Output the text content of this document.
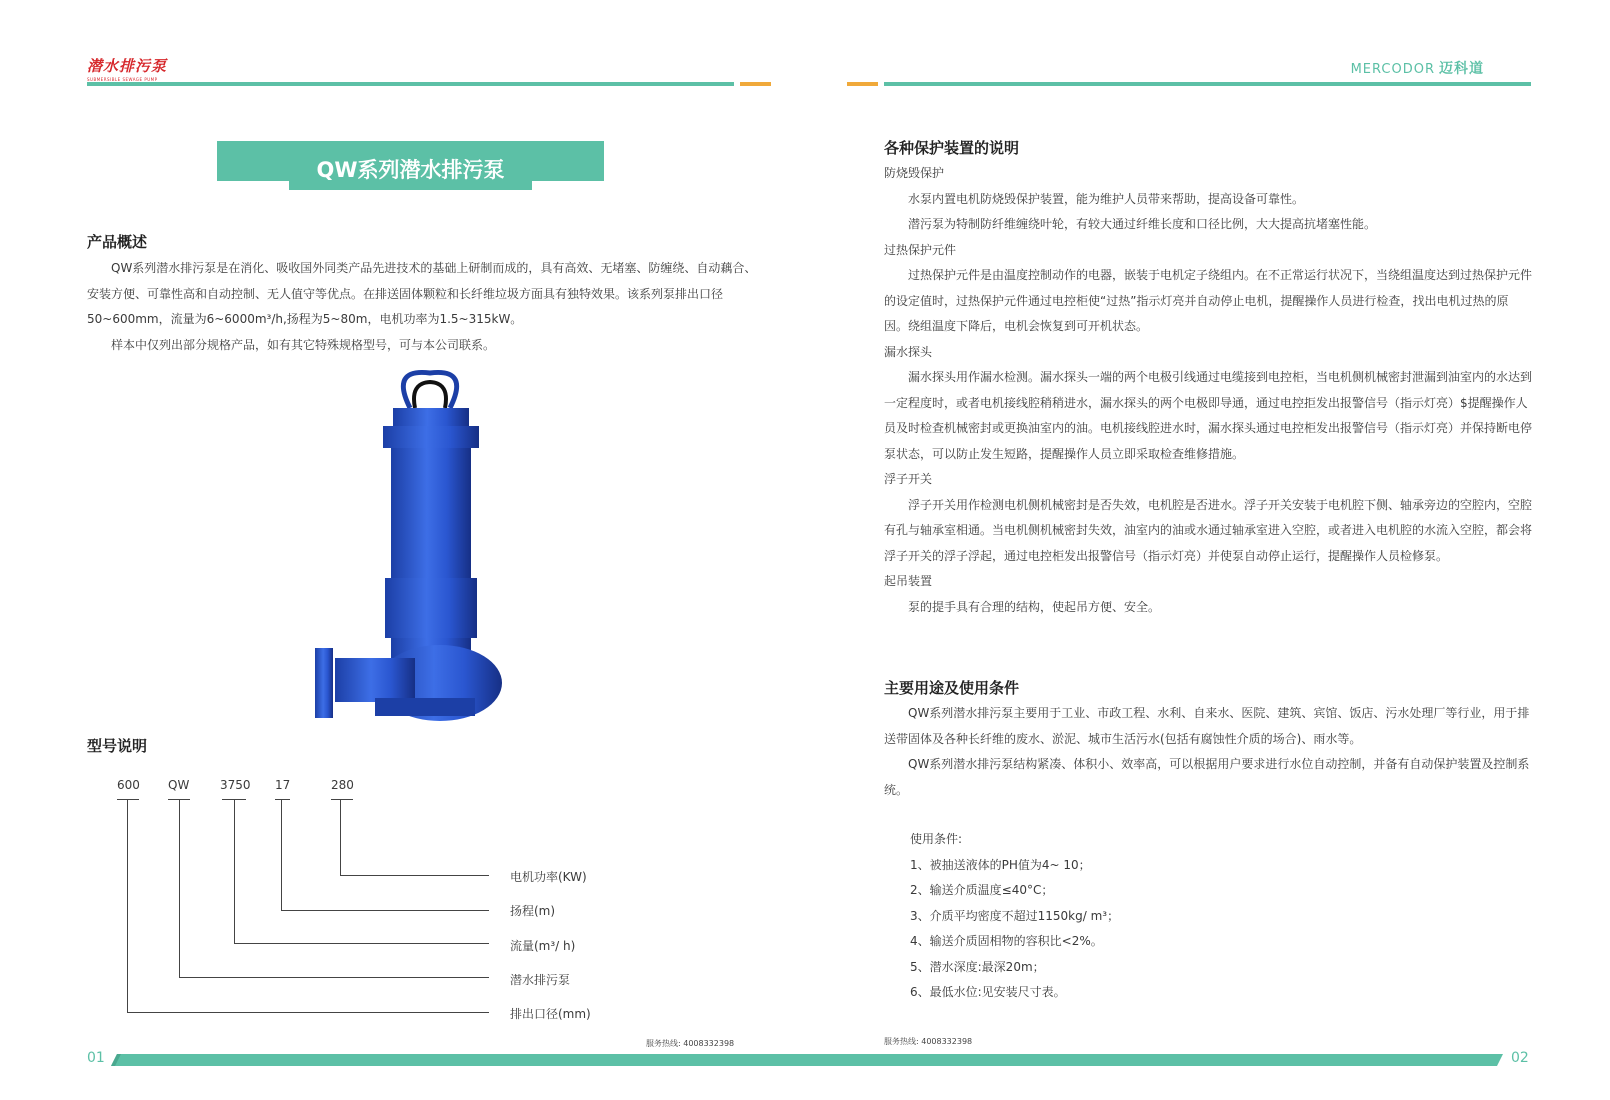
潜水排污泵
SUBMERSIBLE SEWAGE PUMP
MERCODOR 迈科道
QW系列潜水排污泵
产品概述

QW系列潜水排污泵是在消化、吸收国外同类产品先进技术的基础上研制而成的，具有高效、无堵塞、防缠绕、自动藕合、安装方便、可靠性高和自动控制、无人值守等优点。在排送固体颗粒和长纤维垃圾方面具有独特效果。该系列泵排出口径50~600mm，流量为6~6000m³/h,扬程为5~80m，电机功率为1.5~315kW。

样本中仅列出部分规格产品，如有其它特殊规格型号，可与本公司联系。

型号说明
600 QW	3750 17	280
电机功率(KW)
扬程(m)
流量(m³/ h)
潜水排污泵
排出口径(mm)
各种保护装置的说明

防烧毁保护

水泵内置电机防烧毁保护装置，能为维护人员带来帮助，提高设备可靠性。

潜污泵为特制防纤维缠绕叶轮，有较大通过纤维长度和口径比例，大大提高抗堵塞性能。

过热保护元件

过热保护元件是由温度控制动作的电器，嵌装于电机定子绕组内。在不正常运行状况下，当绕组温度达到过热保护元件的设定值时，过热保护元件通过电控柜使“过热”指示灯亮并自动停止电机，提醒操作人员进行检查，找出电机过热的原因。绕组温度下降后，电机会恢复到可开机状态。

漏水探头

漏水探头用作漏水检测。漏水探头一端的两个电极引线通过电缆接到电控柜，当电机侧机械密封泄漏到油室内的水达到一定程度时，或者电机接线腔稍稍进水，漏水探头的两个电极即导通，通过电控拒发出报警信号（指示灯亮）$提醒操作人员及时检查机械密封或更换油室内的油。电机接线腔进水时，漏水探头通过电控柜发出报警信号（指示灯亮）并保持断电停泵状态，可以防止发生短路，提醒操作人员立即采取检查维修措施。

浮子开关

浮子开关用作检测电机侧机械密封是否失效，电机腔是否进水。浮子开关安装于电机腔下侧、轴承旁边的空腔内，空腔有孔与轴承室相通。当电机侧机械密封失效，油室内的油或水通过轴承室进入空腔，或者进入电机腔的水流入空腔，都会将浮子开关的浮子浮起，通过电控柜发出报警信号（指示灯亮）并使泵自动停止运行，提醒操作人员检修泵。

起吊装置

泵的提手具有合理的结构，使起吊方便、安全。

主要用途及使用条件

QW系列潜水排污泵主要用于工业、市政工程、水利、自来水、医院、建筑、宾馆、饭店、污水处理厂等行业，用于排送带固体及各种长纤维的废水、淤泥、城市生活污水(包括有腐蚀性介质的场合)、雨水等。

QW系列潜水排污泵结构紧凑、体积小、效率高，可以根据用户要求进行水位自动控制，并备有自动保护装置及控制系统。

使用条件:

1、被抽送液体的PH值为4~ 10；

2、输送介质温度≤40°C；

3、介质平均密度不超过1150kg/ m³；

4、输送介质固相物的容积比<2%。

5、潜水深度:最深20m；

6、最低水位:见安装尺寸表。

服务热线: 4008332398	服务热线: 4008332398
01	02
